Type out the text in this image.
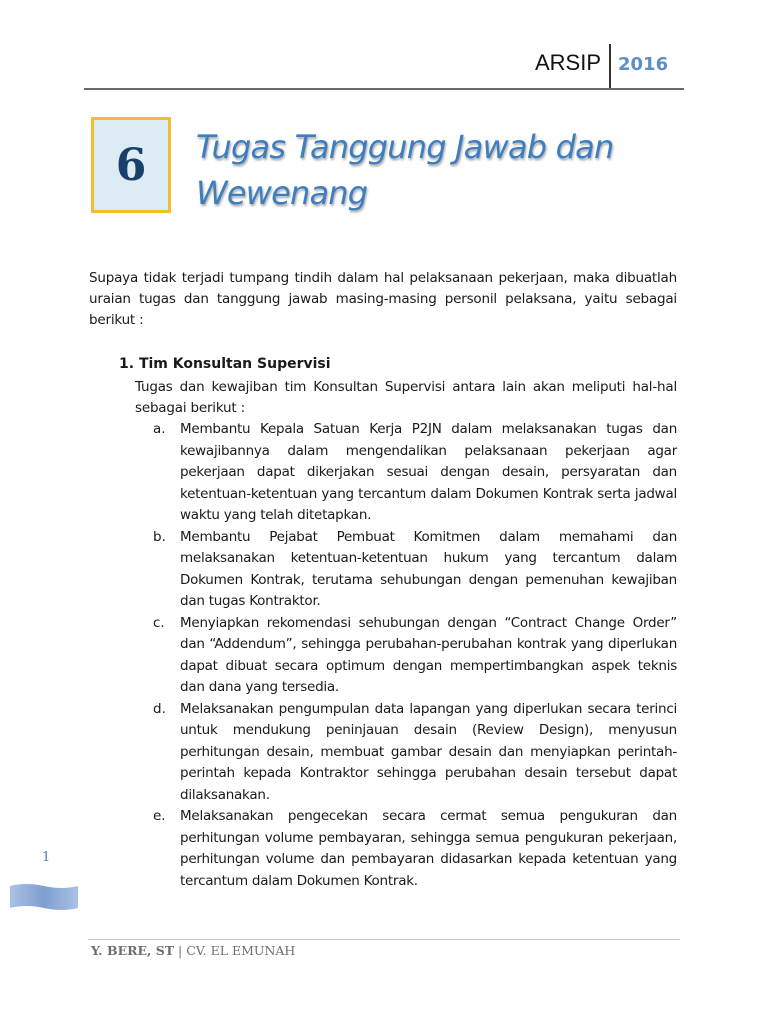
ARSIP 2016
6	Tugas Tanggung Jawab dan
Wewenang
Supaya tidak terjadi tumpang tindih dalam hal pelaksanaan pekerjaan, maka dibuatlah uraian tugas dan tanggung jawab masing-masing personil pelaksana, yaitu sebagai berikut :
1. Tim Konsultan Supervisi
Tugas dan kewajiban tim Konsultan Supervisi antara lain akan meliputi hal-hal sebagai berikut :
a.	Membantu Kepala Satuan Kerja P2JN dalam melaksanakan tugas dan kewajibannya dalam mengendalikan pelaksanaan pekerjaan agar pekerjaan dapat dikerjakan sesuai dengan desain, persyaratan dan ketentuan-ketentuan yang tercantum dalam Dokumen Kontrak serta jadwal waktu yang telah ditetapkan.
b.	Membantu Pejabat Pembuat Komitmen dalam memahami dan melaksanakan ketentuan-ketentuan hukum yang tercantum dalam Dokumen Kontrak, terutama sehubungan dengan pemenuhan kewajiban dan tugas Kontraktor.
c.	Menyiapkan rekomendasi sehubungan dengan “Contract Change Order” dan “Addendum”, sehingga perubahan-perubahan kontrak yang diperlukan dapat dibuat secara optimum dengan mempertimbangkan aspek teknis dan dana yang tersedia.
d.	Melaksanakan pengumpulan data lapangan yang diperlukan secara terinci untuk mendukung peninjauan desain (Review Design), menyusun perhitungan desain, membuat gambar desain dan menyiapkan perintah-perintah kepada Kontraktor sehingga perubahan desain tersebut dapat dilaksanakan.
e.	Melaksanakan pengecekan secara cermat semua pengukuran dan perhitungan volume pembayaran, sehingga semua pengukuran pekerjaan, perhitungan volume dan pembayaran didasarkan kepada ketentuan yang tercantum dalam Dokumen Kontrak.
1
Y. BERE, ST | CV. EL EMUNAH
